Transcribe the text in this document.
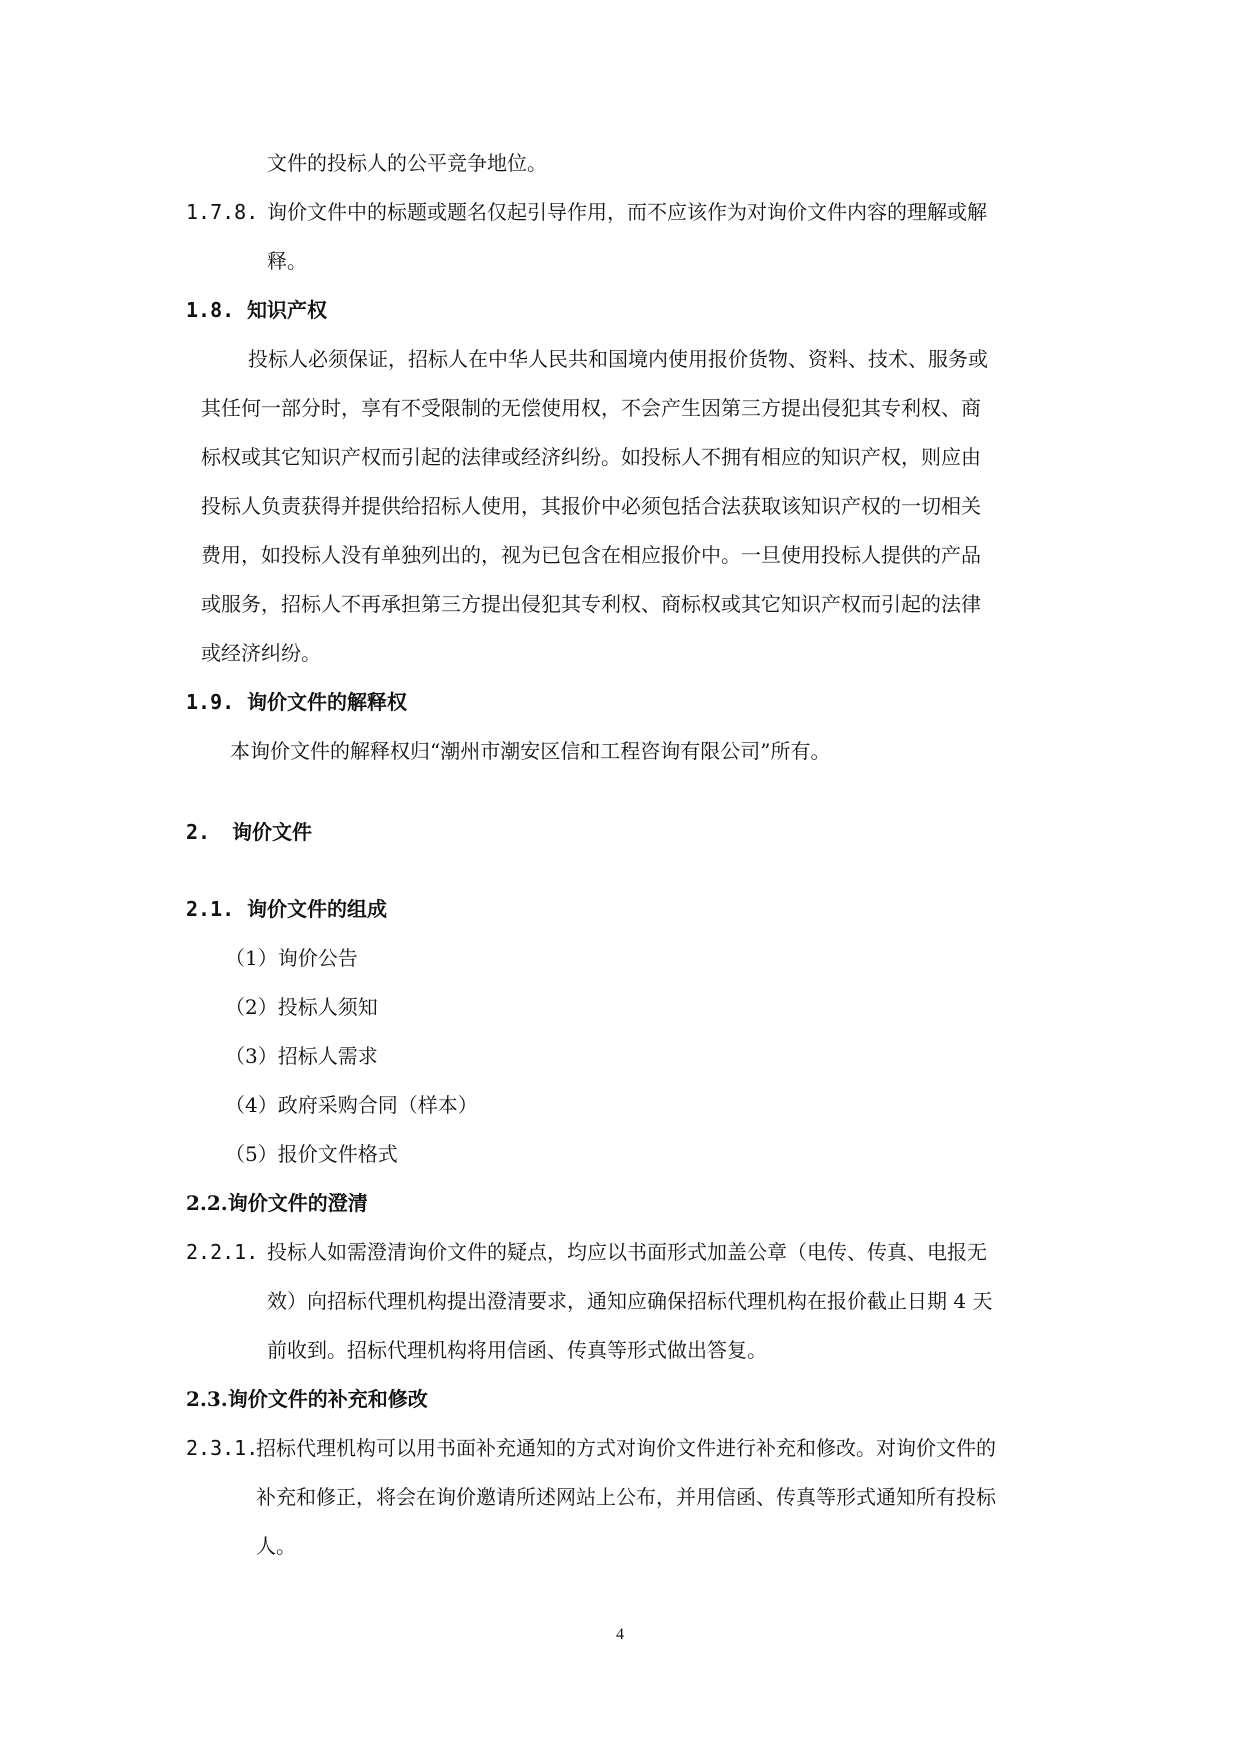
文件的投标人的公平竞争地位。
1.7.8. 询价文件中的标题或题名仅起引导作用，而不应该作为对询价文件内容的理解或解
释。
1.8. 知识产权
投标人必须保证，招标人在中华人民共和国境内使用报价货物、资料、技术、服务或
其任何一部分时，享有不受限制的无偿使用权，不会产生因第三方提出侵犯其专利权、商
标权或其它知识产权而引起的法律或经济纠纷。如投标人不拥有相应的知识产权，则应由
投标人负责获得并提供给招标人使用，其报价中必须包括合法获取该知识产权的一切相关
费用，如投标人没有单独列出的，视为已包含在相应报价中。一旦使用投标人提供的产品
或服务，招标人不再承担第三方提出侵犯其专利权、商标权或其它知识产权而引起的法律
或经济纠纷。
1.9. 询价文件的解释权
本询价文件的解释权归“潮州市潮安区信和工程咨询有限公司”所有。
2. 询价文件
2.1. 询价文件的组成
（1）询价公告
（2）投标人须知
（3）招标人需求
（4）政府采购合同（样本）
（5）报价文件格式
2.2.询价文件的澄清
2.2.1. 投标人如需澄清询价文件的疑点，均应以书面形式加盖公章（电传、传真、电报无
效）向招标代理机构提出澄清要求，通知应确保招标代理机构在报价截止日期 4 天
前收到。招标代理机构将用信函、传真等形式做出答复。
2.3.询价文件的补充和修改
2.3.1.
招标代理机构可以用书面补充通知的方式对询价文件进行补充和修改。对询价文件的
补充和修正，将会在询价邀请所述网站上公布，并用信函、传真等形式通知所有投标
人。
4
